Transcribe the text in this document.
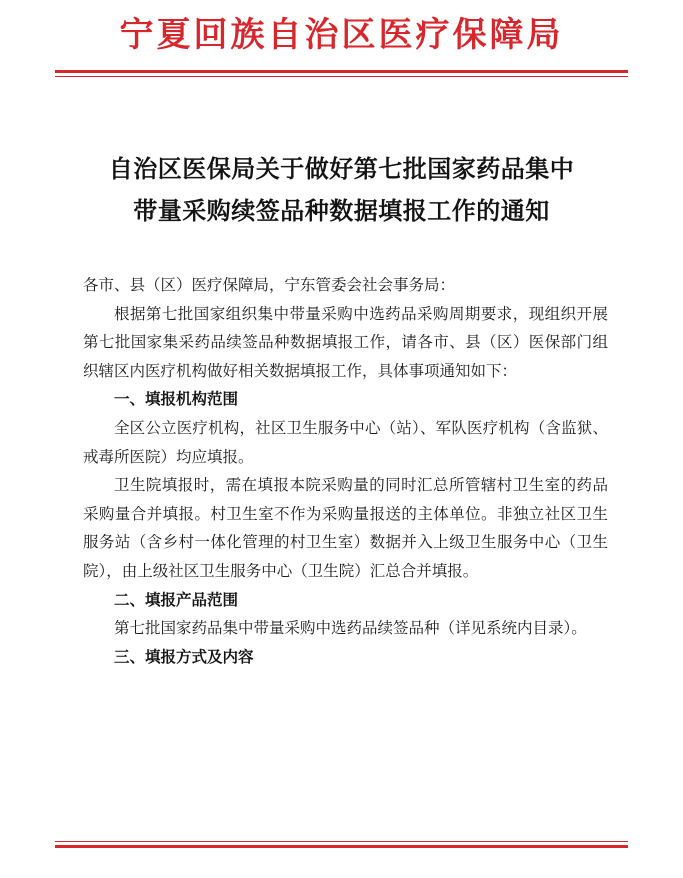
宁夏回族自治区医疗保障局
自治区医保局关于做好第七批国家药品集中
带量采购续签品种数据填报工作的通知

各市、县（区）医疗保障局，宁东管委会社会事务局：

根据第七批国家组织集中带量采购中选药品采购周期要求，现组织开展第七批国家集采药品续签品种数据填报工作，请各市、县（区）医保部门组织辖区内医疗机构做好相关数据填报工作，具体事项通知如下：

一、填报机构范围

全区公立医疗机构，社区卫生服务中心（站）、军队医疗机构（含监狱、戒毒所医院）均应填报。

卫生院填报时，需在填报本院采购量的同时汇总所管辖村卫生室的药品采购量合并填报。村卫生室不作为采购量报送的主体单位。非独立社区卫生服务站（含乡村一体化管理的村卫生室）数据并入上级卫生服务中心（卫生院），由上级社区卫生服务中心（卫生院）汇总合并填报。

二、填报产品范围

第七批国家药品集中带量采购中选药品续签品种（详见系统内目录）。

三、填报方式及内容
